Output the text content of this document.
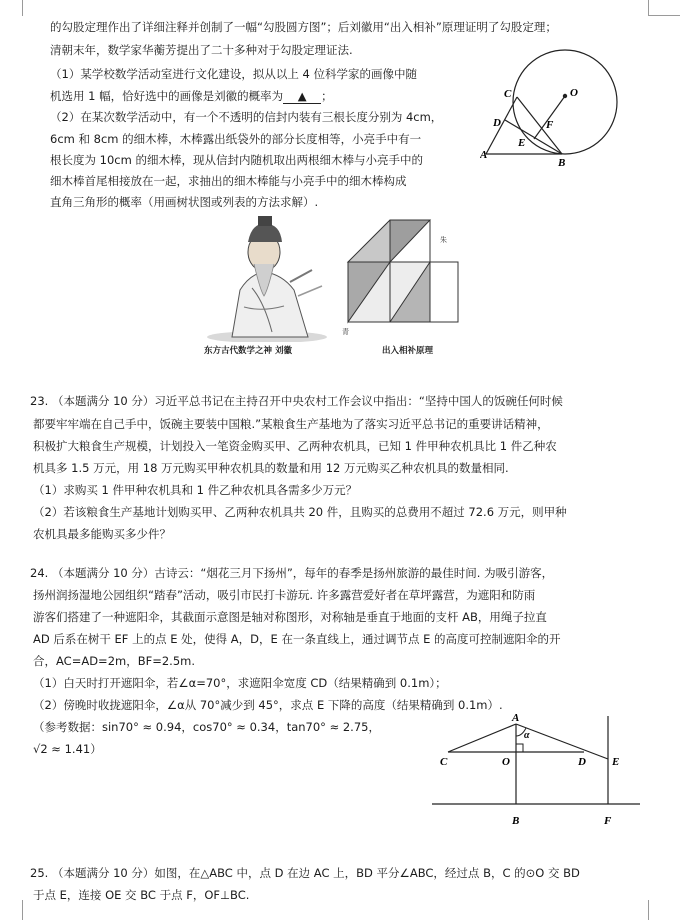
的勾股定理作出了详细注释并创制了一幅“勾股圆方图”；后刘徽用“出入相补”原理证明了勾股定理；
清朝末年，数学家华蘅芳提出了二十多种对于勾股定理证法.
（1）某学校数学活动室进行文化建设，拟从以上 4 位科学家的画像中随
机选用 1 幅，恰好选中的画像是刘徽的概率为 ▲ ；
（2）在某次数学活动中，有一个不透明的信封内装有三根长度分别为 4cm，
6cm 和 8cm 的细木棒，木棒露出纸袋外的部分长度相等，小亮手中有一
根长度为 10cm 的细木棒，现从信封内随机取出两根细木棒与小亮手中的
细木棒首尾相接放在一起，求抽出的细木棒能与小亮手中的细木棒构成
直角三角形的概率（用画树状图或列表的方法求解）.
C	O
D	F
E
A
B
东方古代数学之神 刘徽
朱
青
出入相补原理
23. （本题满分 10 分）习近平总书记在主持召开中央农村工作会议中指出：“坚持中国人的饭碗任何时候
都要牢牢端在自己手中，饭碗主要装中国粮.”某粮食生产基地为了落实习近平总书记的重要讲话精神，
积极扩大粮食生产规模，计划投入一笔资金购买甲、乙两种农机具，已知 1 件甲种农机具比 1 件乙种农
机具多 1.5 万元，用 18 万元购买甲种农机具的数量和用 12 万元购买乙种农机具的数量相同.
（1）求购买 1 件甲种农机具和 1 件乙种农机具各需多少万元？
（2）若该粮食生产基地计划购买甲、乙两种农机具共 20 件，且购买的总费用不超过 72.6 万元，则甲种
农机具最多能购买多少件？
24. （本题满分 10 分）古诗云：“烟花三月下扬州”，每年的春季是扬州旅游的最佳时间. 为吸引游客，
扬州润扬湿地公园组织“踏春”活动，吸引市民打卡游玩. 许多露营爱好者在草坪露营，为遮阳和防雨
游客们搭建了一种遮阳伞，其截面示意图是轴对称图形，对称轴是垂直于地面的支杆 AB，用绳子拉直
AD 后系在树干 EF 上的点 E 处，使得 A，D，E 在一条直线上，通过调节点 E 的高度可控制遮阳伞的开
合，AC=AD=2m，BF=2.5m.
（1）白天时打开遮阳伞，若∠α=70°，求遮阳伞宽度 CD（结果精确到 0.1m）；
（2）傍晚时收拢遮阳伞，∠α从 70°减少到 45°，求点 E 下降的高度（结果精确到 0.1m）.
（参考数据：sin70° ≈ 0.94，cos70° ≈ 0.34，tan70° ≈ 2.75，
√2 ≈ 1.41）
A
α
C	O	D E
B	F
25. （本题满分 10 分）如图，在△ABC 中，点 D 在边 AC 上，BD 平分∠ABC，经过点 B，C 的⊙O 交 BD
于点 E，连接 OE 交 BC 于点 F，OF⊥BC.
